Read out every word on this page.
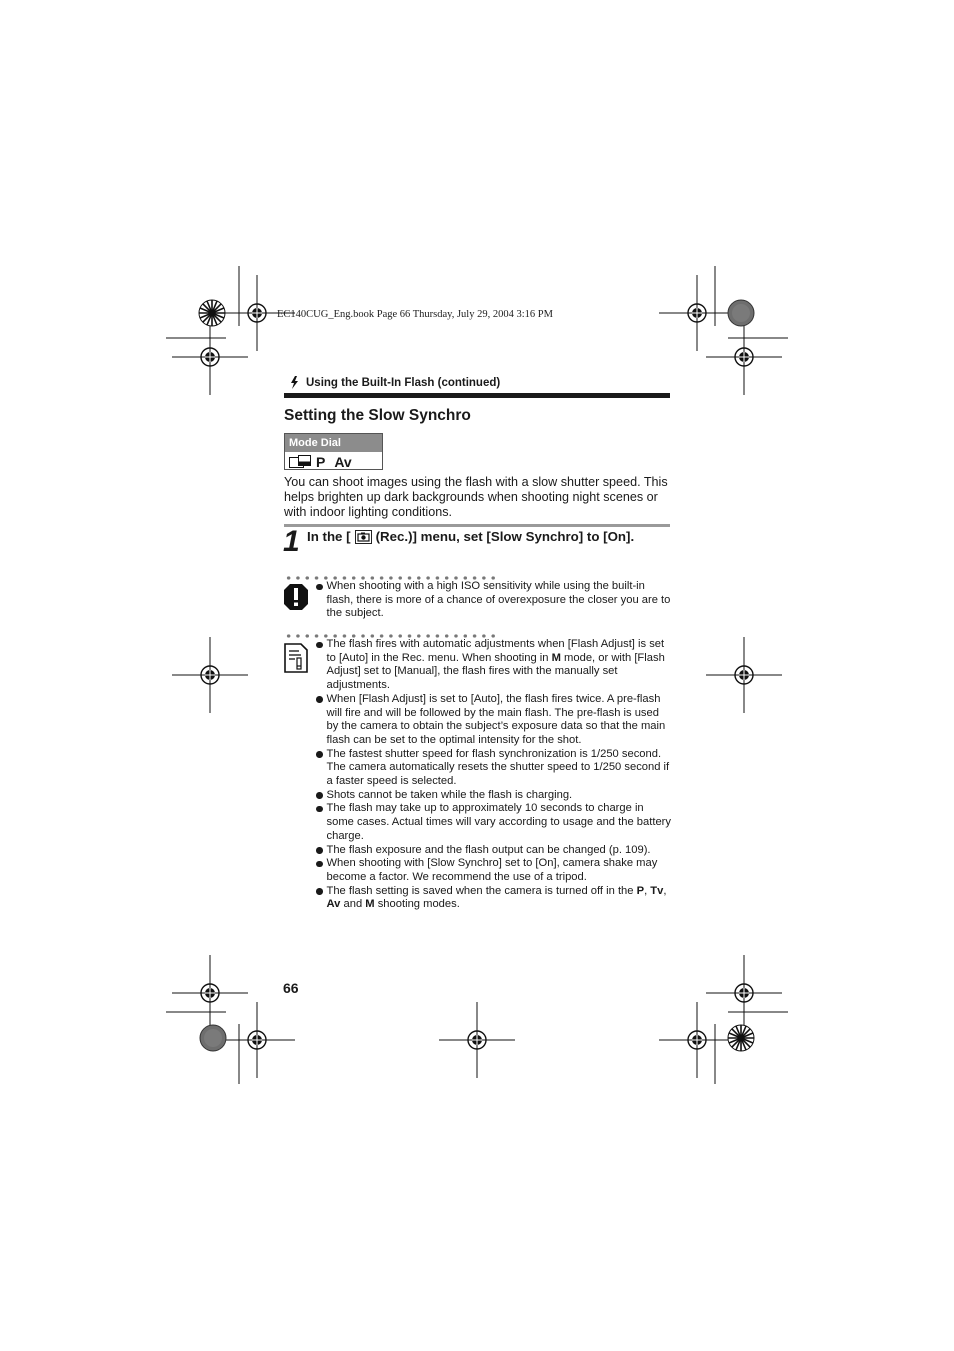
EC140CUG_Eng.book Page 66 Thursday, July 29, 2004 3:16 PM
Using the Built-In Flash (continued)
Setting the Slow Synchro
Mode Dial
P Av

You can shoot images using the flash with a slow shutter speed. This helps brighten up dark backgrounds when shooting night scenes or with indoor lighting conditions.

1 In the [ (Rec.)] menu, set [Slow Synchro] to [On].
When shooting with a high ISO sensitivity while using the built-in flash, there is more of a chance of overexposure the closer you are to the subject.
The flash fires with automatic adjustments when [Flash Adjust] is set to [Auto] in the Rec. menu. When shooting in M mode, or with [Flash Adjust] set to [Manual], the flash fires with the manually set adjustments.
When [Flash Adjust] is set to [Auto], the flash fires twice. A pre-flash will fire and will be followed by the main flash. The pre-flash is used by the camera to obtain the subject’s exposure data so that the main flash can be set to the optimal intensity for the shot.
The fastest shutter speed for flash synchronization is 1/250 second. The camera automatically resets the shutter speed to 1/250 second if a faster speed is selected.
Shots cannot be taken while the flash is charging.
The flash may take up to approximately 10 seconds to charge in some cases. Actual times will vary according to usage and the battery charge.
The flash exposure and the flash output can be changed (p. 109).
When shooting with [Slow Synchro] set to [On], camera shake may become a factor. We recommend the use of a tripod.
The flash setting is saved when the camera is turned off in the P, Tv, Av and M shooting modes.
66
